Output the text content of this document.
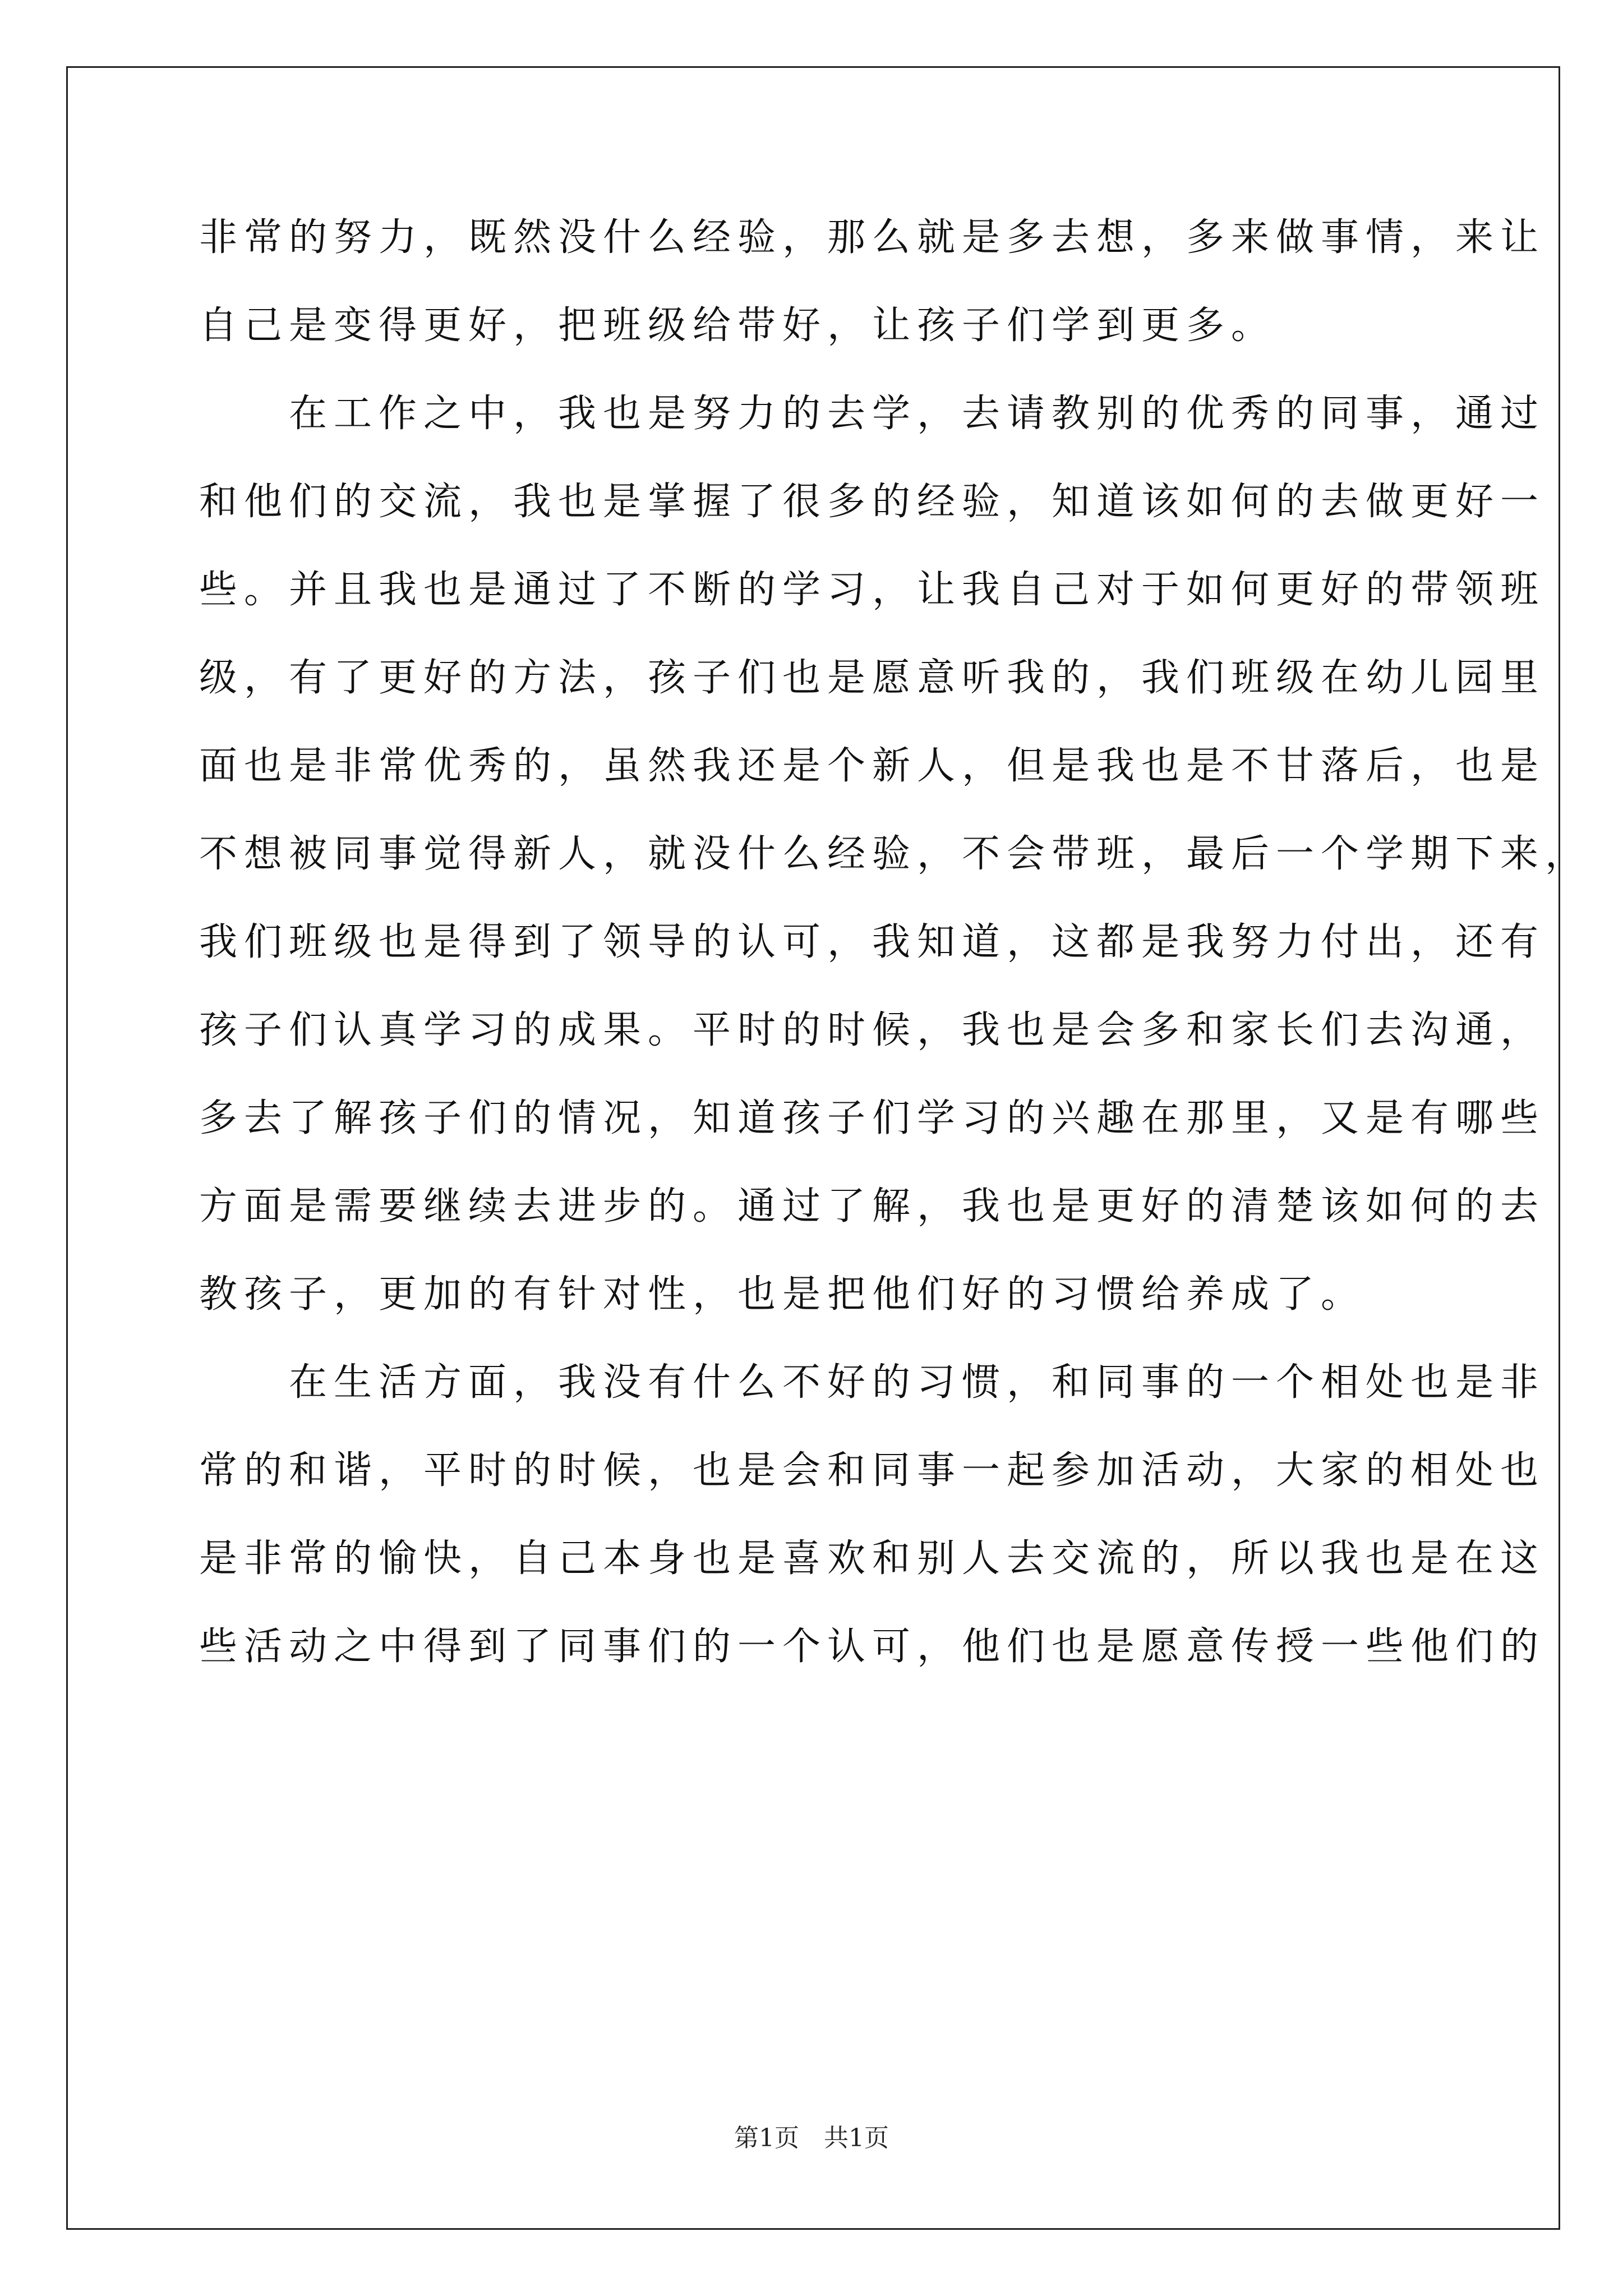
非常的努力，既然没什么经验，那么就是多去想，多来做事情，来让
自己是变得更好，把班级给带好，让孩子们学到更多。
　　在工作之中，我也是努力的去学，去请教别的优秀的同事，通过
和他们的交流，我也是掌握了很多的经验，知道该如何的去做更好一
些。并且我也是通过了不断的学习，让我自己对于如何更好的带领班
级，有了更好的方法，孩子们也是愿意听我的，我们班级在幼儿园里
面也是非常优秀的，虽然我还是个新人，但是我也是不甘落后，也是
不想被同事觉得新人，就没什么经验，不会带班，最后一个学期下来，
我们班级也是得到了领导的认可，我知道，这都是我努力付出，还有
孩子们认真学习的成果。平时的时候，我也是会多和家长们去沟通，
多去了解孩子们的情况，知道孩子们学习的兴趣在那里，又是有哪些
方面是需要继续去进步的。通过了解，我也是更好的清楚该如何的去
教孩子，更加的有针对性，也是把他们好的习惯给养成了。
　　在生活方面，我没有什么不好的习惯，和同事的一个相处也是非
常的和谐，平时的时候，也是会和同事一起参加活动，大家的相处也
是非常的愉快，自己本身也是喜欢和别人去交流的，所以我也是在这
些活动之中得到了同事们的一个认可，他们也是愿意传授一些他们的
第1页　共1页
